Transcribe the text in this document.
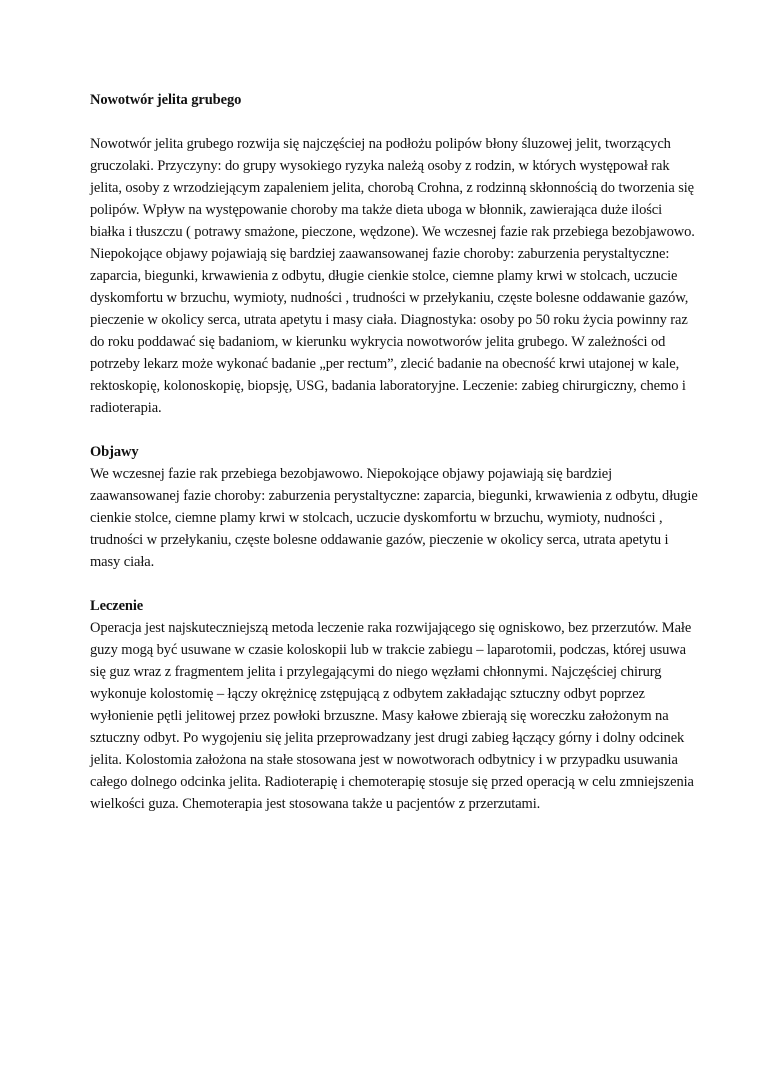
Nowotwór jelita grubego

Nowotwór jelita grubego rozwija się najczęściej na podłożu polipów błony śluzowej jelit, tworzących gruczolaki. Przyczyny: do grupy wysokiego ryzyka należą osoby z rodzin, w których występował rak jelita, osoby z wrzodziejącym zapaleniem jelita, chorobą Crohna, z rodzinną skłonnością do tworzenia się polipów. Wpływ na występowanie choroby ma także dieta uboga w błonnik, zawierająca duże ilości białka i tłuszczu ( potrawy smażone, pieczone, wędzone). We wczesnej fazie rak przebiega bezobjawowo. Niepokojące objawy pojawiają się bardziej zaawansowanej fazie choroby: zaburzenia perystaltyczne: zaparcia, biegunki, krwawienia z odbytu, długie cienkie stolce, ciemne plamy krwi w stolcach, uczucie dyskomfortu w brzuchu, wymioty, nudności , trudności w przełykaniu, częste bolesne oddawanie gazów, pieczenie w okolicy serca, utrata apetytu i masy ciała. Diagnostyka: osoby po 50 roku życia powinny raz do roku poddawać się badaniom, w kierunku wykrycia nowotworów jelita grubego. W zależności od potrzeby lekarz może wykonać badanie „per rectum”, zlecić badanie na obecność krwi utajonej w kale, rektoskopię, kolonoskopię, biopsję, USG, badania laboratoryjne. Leczenie: zabieg chirurgiczny, chemo i radioterapia.

Objawy

We wczesnej fazie rak przebiega bezobjawowo. Niepokojące objawy pojawiają się bardziej zaawansowanej fazie choroby: zaburzenia perystaltyczne: zaparcia, biegunki, krwawienia z odbytu, długie cienkie stolce, ciemne plamy krwi w stolcach, uczucie dyskomfortu w brzuchu, wymioty, nudności , trudności w przełykaniu, częste bolesne oddawanie gazów, pieczenie w okolicy serca, utrata apetytu i masy ciała.

Leczenie

Operacja jest najskuteczniejszą metoda leczenie raka rozwijającego się ogniskowo, bez przerzutów. Małe guzy mogą być usuwane w czasie koloskopii lub w trakcie zabiegu – laparotomii, podczas, której usuwa się guz wraz z fragmentem jelita i przylegającymi do niego węzłami chłonnymi. Najczęściej chirurg wykonuje kolostomię – łączy okrężnicę zstępującą z odbytem zakładając sztuczny odbyt poprzez wyłonienie pętli jelitowej przez powłoki brzuszne. Masy kałowe zbierają się woreczku założonym na sztuczny odbyt. Po wygojeniu się jelita przeprowadzany jest drugi zabieg łączący górny i dolny odcinek jelita. Kolostomia założona na stałe stosowana jest w nowotworach odbytnicy i w przypadku usuwania całego dolnego odcinka jelita. Radioterapię i chemoterapię stosuje się przed operacją w celu zmniejszenia wielkości guza. Chemoterapia jest stosowana także u pacjentów z przerzutami.
